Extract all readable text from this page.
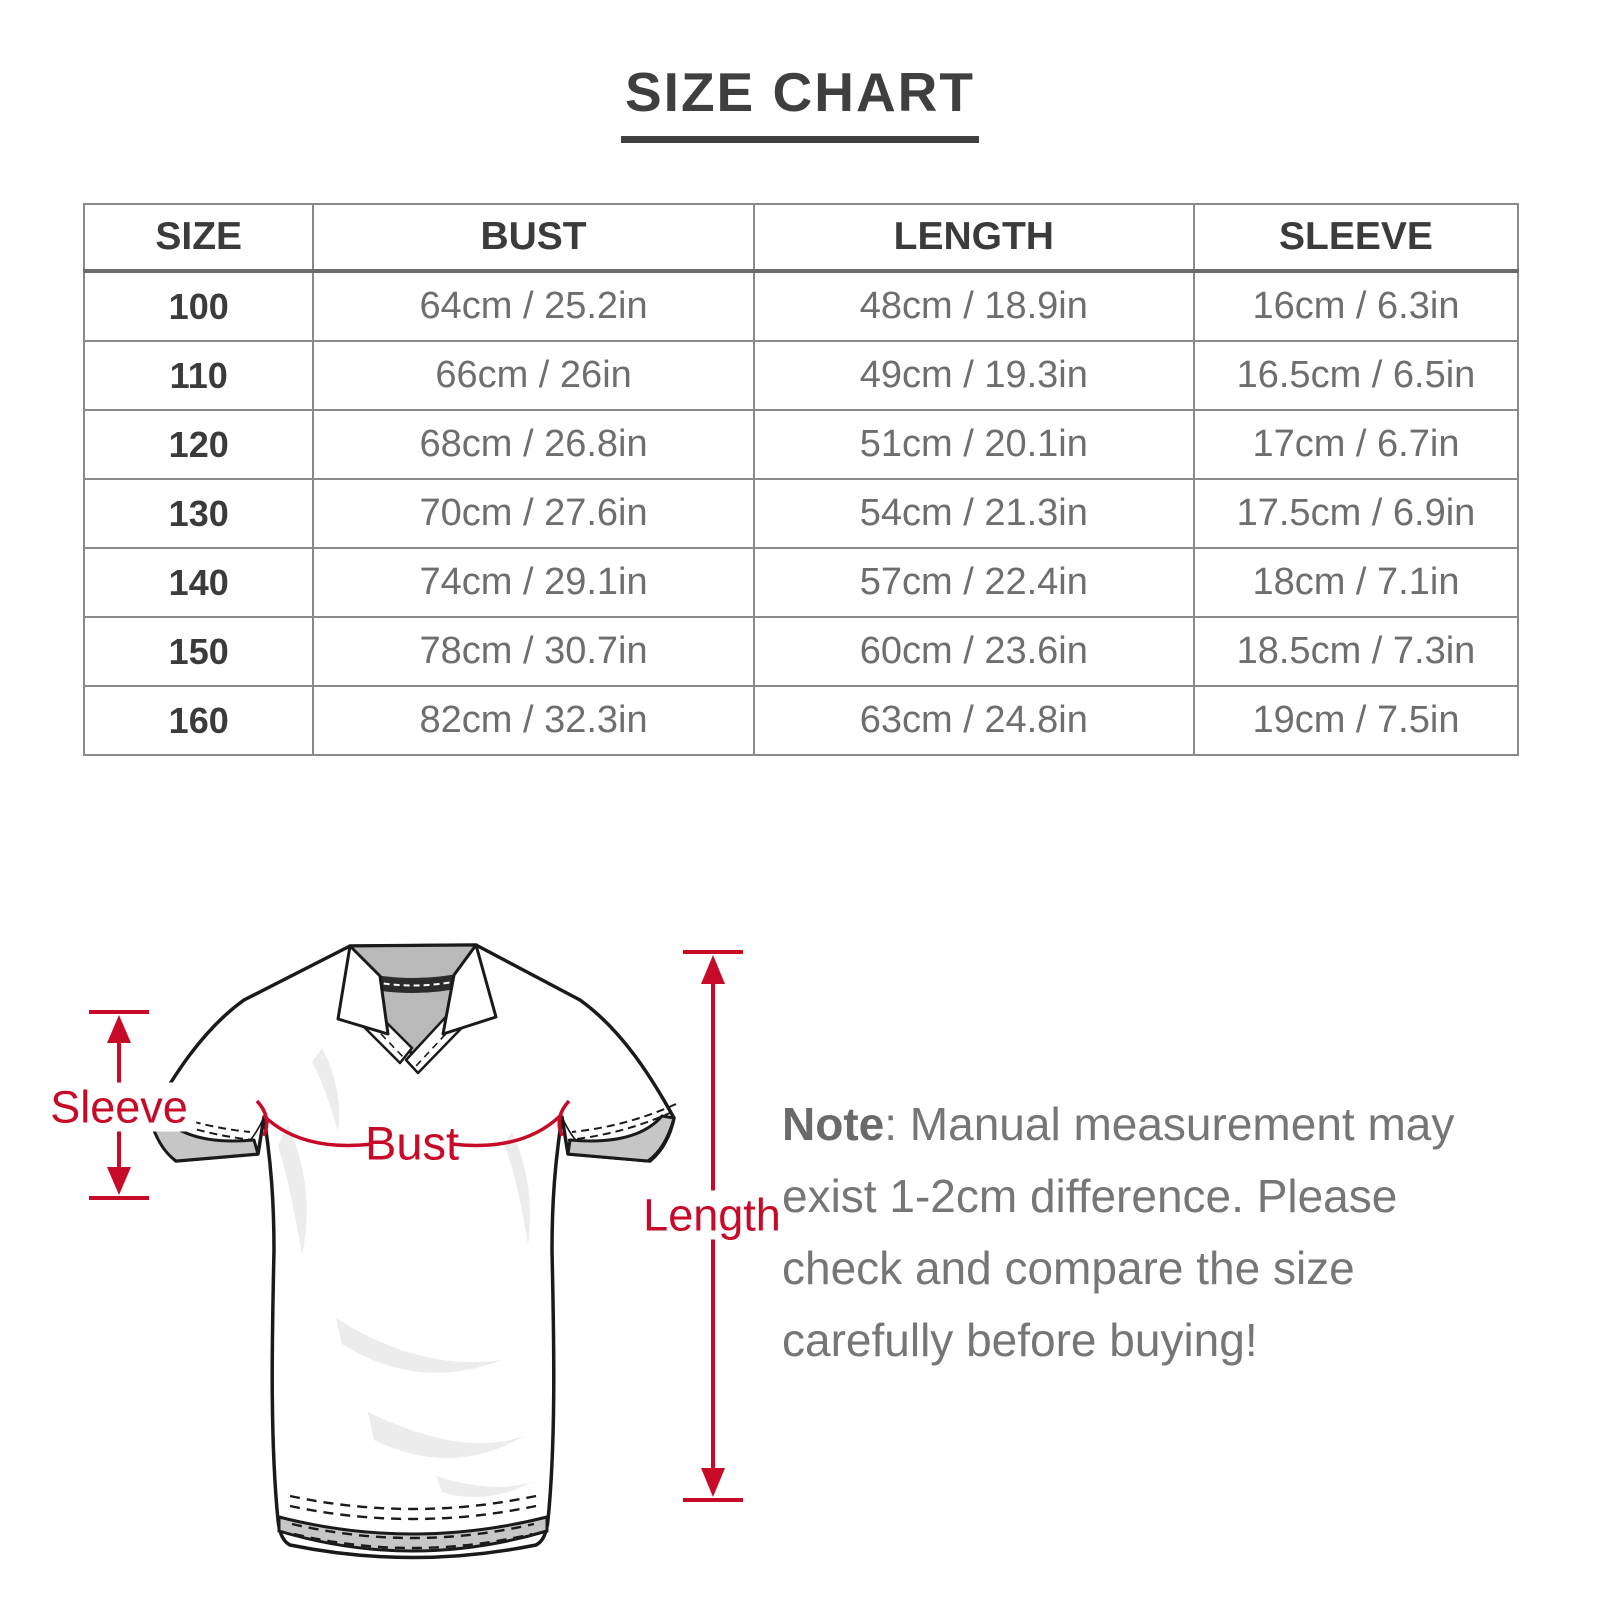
SIZE CHART
SIZE	BUST	LENGTH	SLEEVE
100	64cm / 25.2in	48cm / 18.9in	16cm / 6.3in
110	66cm / 26in	49cm / 19.3in	16.5cm / 6.5in
120	68cm / 26.8in	51cm / 20.1in	17cm / 6.7in
130	70cm / 27.6in	54cm / 21.3in	17.5cm / 6.9in
140	74cm / 29.1in	57cm / 22.4in	18cm / 7.1in
150	78cm / 30.7in	60cm / 23.6in	18.5cm / 7.3in
160	82cm / 32.3in	63cm / 24.8in	19cm / 7.5in
Sleeve
Bust
Length

Note: Manual measurement may exist 1-2cm difference. Please check and compare the size carefully before buying!
